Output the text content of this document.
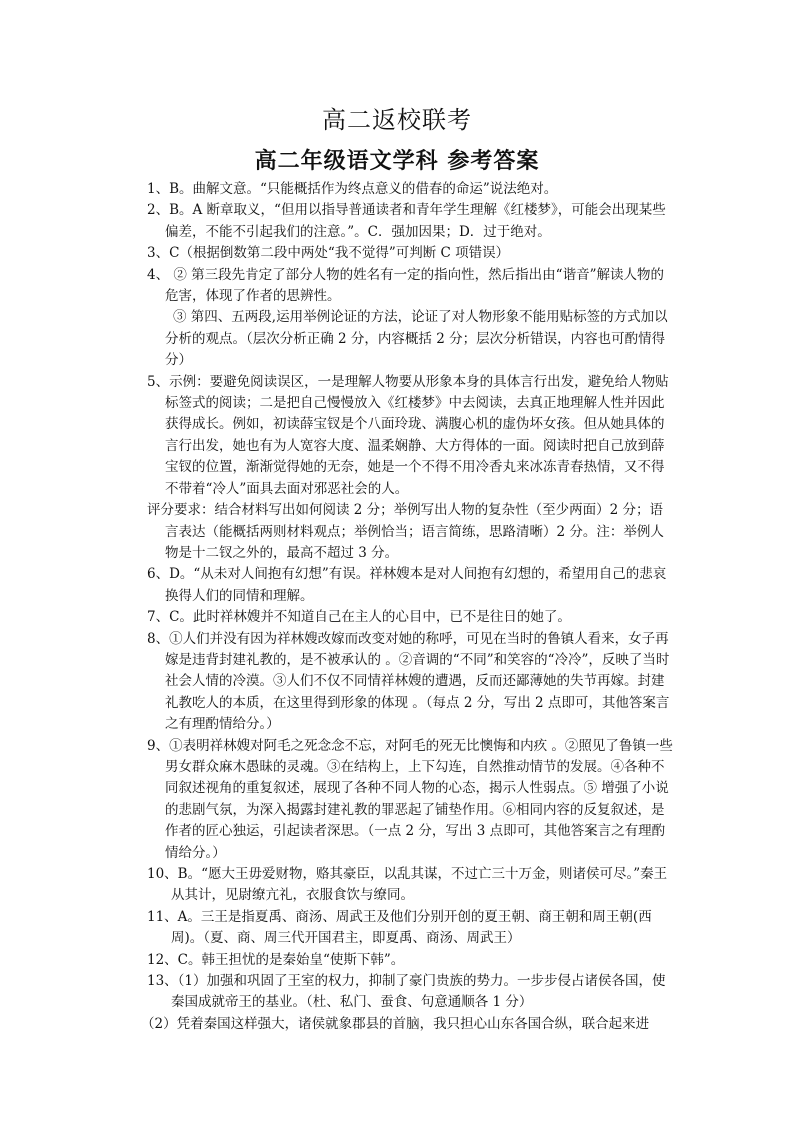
高二返校联考
高二年级语文学科 参考答案

1、B。曲解文意。“只能概括作为终点意义的借春的命运”说法绝对。

2、B。A 断章取义，“但用以指导普通读者和青年学生理解《红楼梦》，可能会出现某些偏差，不能不引起我们的注意。”。C．强加因果；D．过于绝对。

3、C（根据倒数第二段中两处“我不觉得”可判断 C 项错误）

4、 ② 第三段先肯定了部分人物的姓名有一定的指向性，然后指出由“谐音”解读人物的危害，体现了作者的思辨性。

③ 第四、五两段,运用举例论证的方法，论证了对人物形象不能用贴标签的方式加以分析的观点。（层次分析正确 2 分，内容概括 2 分；层次分析错误，内容也可酌情得分）

5、示例：要避免阅读误区，一是理解人物要从形象本身的具体言行出发，避免给人物贴标签式的阅读；二是把自己慢慢放入《红楼梦》中去阅读，去真正地理解人性并因此获得成长。例如，初读薛宝钗是个八面玲珑、满腹心机的虚伪坏女孩。但从她具体的言行出发，她也有为人宽容大度、温柔娴静、大方得体的一面。阅读时把自己放到薛宝钗的位置，渐渐觉得她的无奈，她是一个不得不用冷香丸来冰冻青春热情，又不得不带着“冷人”面具去面对邪恶社会的人。

评分要求：结合材料写出如何阅读 2 分；举例写出人物的复杂性（至少两面）2 分；语言表达（能概括两则材料观点；举例恰当；语言简练，思路清晰）2 分。注：举例人物是十二钗之外的，最高不超过 3 分。

6、D。“从未对人间抱有幻想”有误。祥林嫂本是对人间抱有幻想的，希望用自己的悲哀换得人们的同情和理解。

7、C。此时祥林嫂并不知道自己在主人的心目中，已不是往日的她了。

8、①人们并没有因为祥林嫂改嫁而改变对她的称呼，可见在当时的鲁镇人看来，女子再嫁是违背封建礼教的，是不被承认的 。②音调的“不同”和笑容的“冷冷”，反映了当时社会人情的冷漠。③人们不仅不同情祥林嫂的遭遇，反而还鄙薄她的失节再嫁。封建礼教吃人的本质，在这里得到形象的体现 。（每点 2 分，写出 2 点即可，其他答案言之有理酌情给分。）

9、①表明祥林嫂对阿毛之死念念不忘，对阿毛的死无比懊悔和内疚 。②照见了鲁镇一些男女群众麻木愚昧的灵魂。③在结构上，上下勾连，自然推动情节的发展。④各种不同叙述视角的重复叙述，展现了各种不同人物的心态，揭示人性弱点。⑤ 增强了小说的悲剧气氛，为深入揭露封建礼教的罪恶起了铺垫作用。⑥相同内容的反复叙述，是作者的匠心独运，引起读者深思。（一点 2 分，写出 3 点即可，其他答案言之有理酌情给分。）

10、B。“愿大王毋爱财物，赂其豪臣，以乱其谋，不过亡三十万金，则诸侯可尽。”秦王从其计，见尉缭亢礼，衣服食饮与缭同。

11、A。三王是指夏禹、商汤、周武王及他们分别开创的夏王朝、商王朝和周王朝(西周)。（夏、商、周三代开国君主，即夏禹、商汤、周武王）

12、C。韩王担忧的是秦始皇“使斯下韩”。

13、（1）加强和巩固了王室的权力，抑制了豪门贵族的势力。一步步侵占诸侯各国，使秦国成就帝王的基业。（杜、私门、蚕食、句意通顺各 1 分）

（2）凭着秦国这样强大，诸侯就象郡县的首脑，我只担心山东各国合纵，联合起来进
